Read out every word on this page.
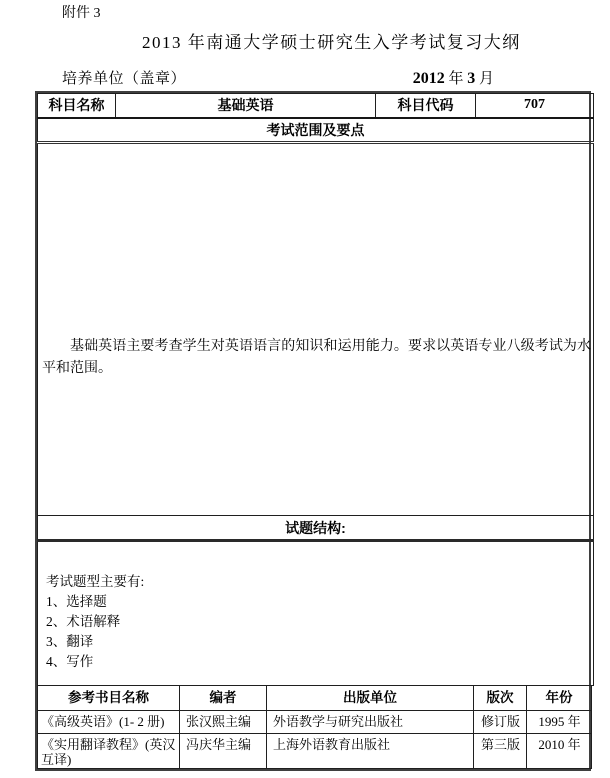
附件 3
2013 年南通大学硕士研究生入学考试复习大纲
培养单位（盖章）	2012 年 3 月
科目名称	基础英语	科目代码	707
考试范围及要点

基础英语主要考查学生对英语语言的知识和运用能力。要求以英语专业八级考试为水平和范围。

试题结构:

考试题型主要有:
1、选择题
2、术语解释
3、翻译
4、写作
参考书目名称	编者	出版单位	版次	年份
《高级英语》(1- 2 册)	张汉熙主编	外语教学与研究出版社	修订版	1995 年
《实用翻译教程》(英汉互译)	冯庆华主编	上海外语教育出版社	第三版	2010 年
